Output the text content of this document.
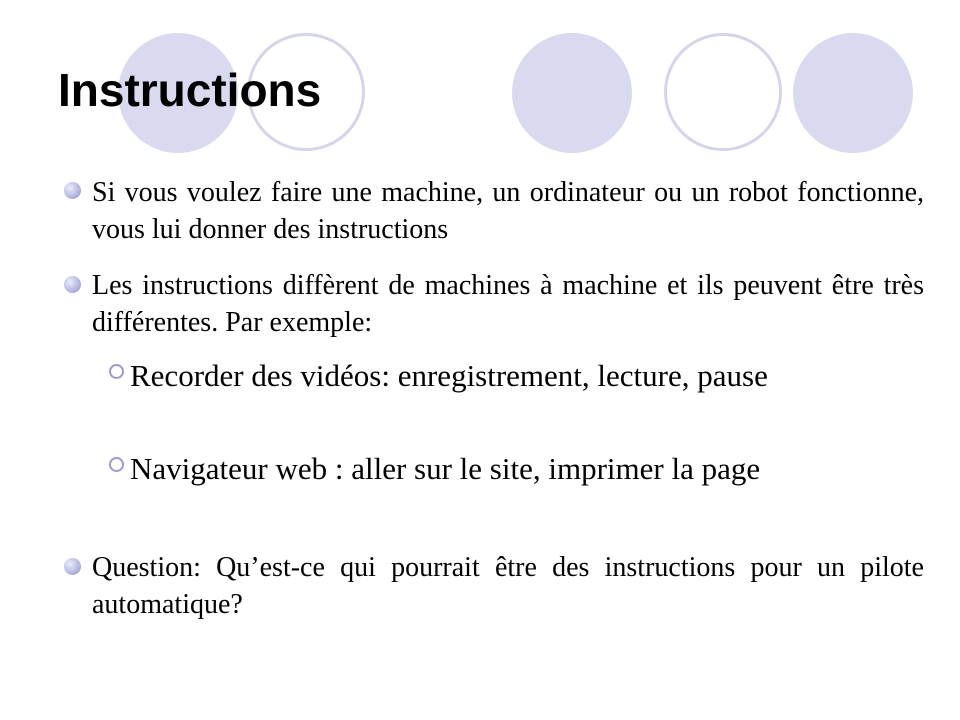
Instructions
Si vous voulez faire une machine, un ordinateur ou un robot fonctionne, vous lui donner des instructions
Les instructions diffèrent de machines à machine et ils peuvent être très différentes. Par exemple:
Recorder des vidéos: enregistrement, lecture, pause
Navigateur web : aller sur le site, imprimer la page
Question: Qu’est-ce qui pourrait être des instructions pour un pilote automatique?
